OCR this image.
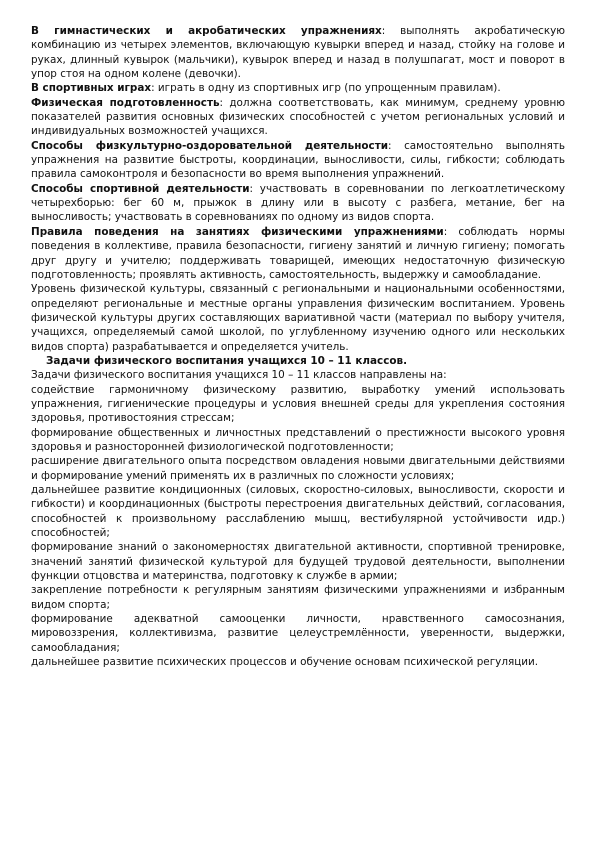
В гимнастических и акробатических упражнениях: выполнять акробатическую комбинацию из четырех элементов, включающую кувырки вперед и назад, стойку на голове и руках, длинный кувырок (мальчики), кувырок вперед и назад в полушпагат, мост и поворот в упор стоя на одном колене (девочки).

В спортивных играх: играть в одну из спортивных игр (по упрощенным правилам).

Физическая подготовленность: должна соответствовать, как минимум, среднему уровню показателей развития основных физических способностей с учетом региональных условий и индивидуальных возможностей учащихся.

Способы физкультурно-оздоровательной деятельности: самостоятельно выполнять упражнения на развитие быстроты, координации, выносливости, силы, гибкости; соблюдать правила самоконтроля и безопасности во время выполнения упражнений.

Способы спортивной деятельности: участвовать в соревновании по легкоатлетическому четырехборью: бег 60 м, прыжок в длину или в высоту с разбега, метание, бег на выносливость; участвовать в соревнованиях по одному из видов спорта.

Правила поведения на занятиях физическими упражнениями: соблюдать нормы поведения в коллективе, правила безопасности, гигиену занятий и личную гигиену; помогать друг другу и учителю; поддерживать товарищей, имеющих недостаточную физическую подготовленность; проявлять активность, самостоятельность, выдержку и самообладание.

Уровень физической культуры, связанный с региональными и национальными особенностями, определяют региональные и местные органы управления физическим воспитанием. Уровень физической культуры других составляющих вариативной части (материал по выбору учителя, учащихся, определяемый самой школой, по углубленному изучению одного или нескольких видов спорта) разрабатывается и определяется учитель.

Задачи физического воспитания учащихся 10 – 11 классов.

Задачи физического воспитания учащихся 10 – 11 классов направлены на:

содействие гармоничному физическому развитию, выработку умений использовать упражнения, гигиенические процедуры и условия внешней среды для укрепления состояния здоровья, противостояния стрессам;

формирование общественных и личностных представлений о престижности высокого уровня здоровья и разносторонней физиологической подготовленности;

расширение двигательного опыта посредством овладения новыми двигательными действиями и формирование умений применять их в различных по сложности условиях;

дальнейшее развитие кондиционных (силовых, скоростно-силовых, выносливости, скорости и гибкости) и координационных (быстроты перестроения двигательных действий, согласования, способностей к произвольному расслаблению мышц, вестибулярной устойчивости идр.) способностей;

формирование знаний о закономерностях двигательной активности, спортивной тренировке, значений занятий физической культурой для будущей трудовой деятельности, выполнении функции отцовства и материнства, подготовку к службе в армии;

закрепление потребности к регулярным занятиям физическими упражнениями и избранным видом спорта;

формирование адекватной самооценки личности, нравственного самосознания, мировоззрения, коллективизма, развитие целеустремлённости, уверенности, выдержки, самообладания;

дальнейшее развитие психических процессов и обучение основам психической регуляции.
